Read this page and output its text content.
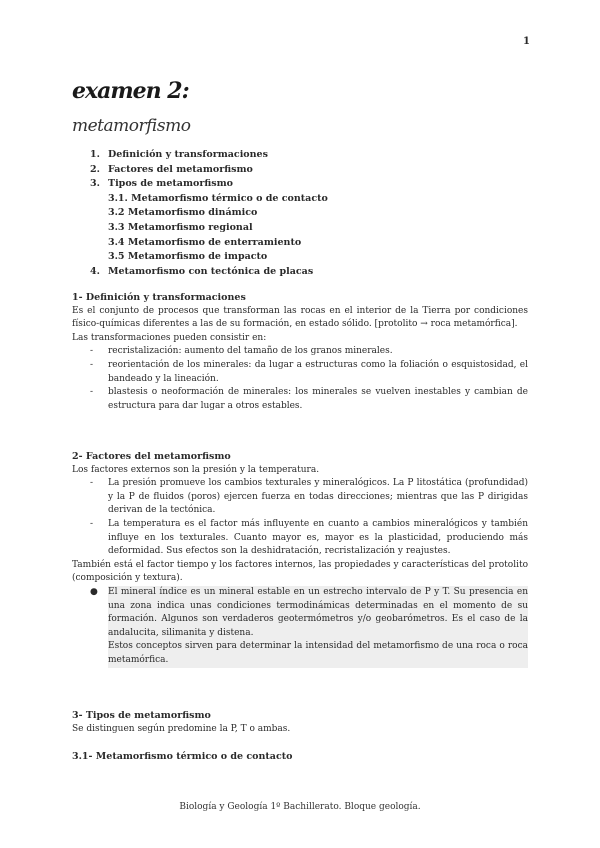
1
examen 2:
metamorfismo
1. Definición y transformaciones
2. Factores del metamorfismo
3. Tipos de metamorfismo
3.1. Metamorfismo térmico o de contacto
3.2 Metamorfismo dinámico
3.3 Metamorfismo regional
3.4 Metamorfismo de enterramiento
3.5 Metamorfismo de impacto
4. Metamorfismo con tectónica de placas
1- Definición y transformaciones
Es el conjunto de procesos que transforman las rocas en el interior de la Tierra por condiciones físico-químicas diferentes a las de su formación, en estado sólido. [protolito → roca metamórfica].
Las transformaciones pueden consistir en:
- recristalización: aumento del tamaño de los granos minerales.
- reorientación de los minerales: da lugar a estructuras como la foliación o esquistosidad, el bandeado y la lineación.
- blastesis o neoformación de minerales: los minerales se vuelven inestables y cambian de estructura para dar lugar a otros estables.
2- Factores del metamorfismo
Los factores externos son la presión y la temperatura.
- La presión promueve los cambios texturales y mineralógicos. La P litostática (profundidad) y la P de fluidos (poros) ejercen fuerza en todas direcciones; mientras que las P dirigidas derivan de la tectónica.
- La temperatura es el factor más influyente en cuanto a cambios mineralógicos y también influye en los texturales. Cuanto mayor es, mayor es la plasticidad, produciendo más deformidad. Sus efectos son la deshidratación, recristalización y reajustes.
También está el factor tiempo y los factores internos, las propiedades y características del protolito (composición y textura).
● El mineral índice es un mineral estable en un estrecho intervalo de P y T. Su presencia en una zona indica unas condiciones termodinámicas determinadas en el momento de su formación. Algunos son verdaderos geotermómetros y/o geobarómetros. Es el caso de la andalucita, silimanita y distena.
Estos conceptos sirven para determinar la intensidad del metamorfismo de una roca o roca metamórfica.
3- Tipos de metamorfismo
Se distinguen según predomine la P, T o ambas.
3.1- Metamorfismo térmico o de contacto
Biología y Geología 1º Bachillerato. Bloque geología.
